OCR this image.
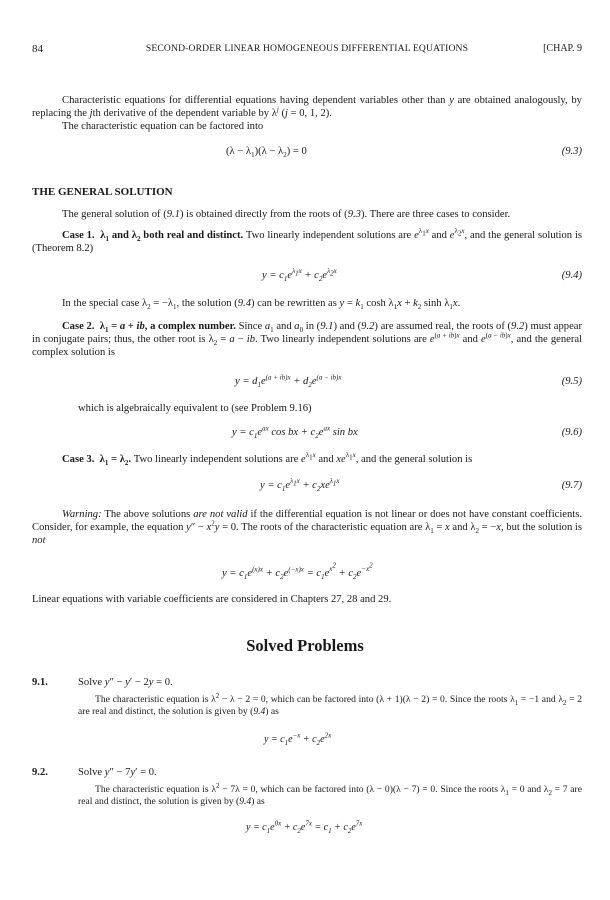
84	SECOND-ORDER LINEAR HOMOGENEOUS DIFFERENTIAL EQUATIONS	[CHAP. 9
Characteristic equations for differential equations having dependent variables other than y are obtained analogously, by replacing the jth derivative of the dependent variable by $\lambda^j$ (j = 0, 1, 2).
The characteristic equation can be factored into
$(\lambda - \lambda_1)(\lambda - \lambda_2) = 0$	(9.3)
THE GENERAL SOLUTION
The general solution of (9.1) is obtained directly from the roots of (9.3). There are three cases to consider.
Case 1.  $\lambda_1$ and $\lambda_2$ both real and distinct. Two linearly independent solutions are $e^{\lambda_1x}$ and $e^{\lambda_2x}$, and the general solution is (Theorem 8.2)
$y = c_1e^{\lambda_1x} + c_2e^{\lambda_2x}$	(9.4)
In the special case $\lambda_2 = -\lambda_1$, the solution (9.4) can be rewritten as $y = k_1$ $\cosh \lambda_1x + k_2$ $\sinh \lambda_1x$.
Case 2.  $\lambda_1 = a$ + ib, a complex number. Since $a_1$ and $a_0$ in (9.1) and (9.2) are assumed real, the roots of (9.2) must appear in conjugate pairs; thus, the other root is $\lambda_2 = a$ − ib. Two linearly independent solutions are $e^{(a + ib)x}$ and $e^{(a - ib)x}$, and the general complex solution is
$y = d_1e^{(a + ib)x} + d_2e^{(a - ib)x}$	(9.5)
which is algebraically equivalent to (see Problem 9.16)
$y = c_1e^{ax}$ cos bx + $c_2e^{ax}$ sin bx	(9.6)
Case 3.  $\lambda_1 = \lambda_2$. Two linearly independent solutions are $e^{\lambda_1x}$ and $xe^{\lambda_1x}$, and the general solution is
$y = c_1e^{\lambda_1x} + c_2xe^{\lambda_1x}$	(9.7)
Warning: The above solutions are not valid if the differential equation is not linear or does not have constant coefficients. Consider, for example, the equation $y'' - x^2y = 0$. The roots of the characteristic equation are $\lambda_1 = x$ and $\lambda_2 = -x$, but the solution is not
$y = c_1e^{(x)x} + c_2e^{(-x)x} = c_1e^{x^2} + c_2e^{-x^2}$
Linear equations with variable coefficients are considered in Chapters 27, 28 and 29.
Solved Problems
9.1.	Solve y″ − y′ − 2y = 0.
The characteristic equation is $\lambda^2 - \lambda - 2 = 0$, which can be factored into (λ + 1)(λ − 2) = 0. Since the roots $\lambda_1 = -1$ and $\lambda_2 = 2$ are real and distinct, the solution is given by (9.4) as
$y = c_1e^{-x} + c_2e^{2x}$
9.2.	Solve y″ − 7y′ = 0.
The characteristic equation is $\lambda^2 - 7\lambda = 0$, which can be factored into (λ − 0)(λ − 7) = 0. Since the roots $\lambda_1 = 0$ and $\lambda_2 = 7$ are real and distinct, the solution is given by (9.4) as
$y = c_1e^{0x} + c_2e^{7x} = c_1 + c_2e^{7x}$
